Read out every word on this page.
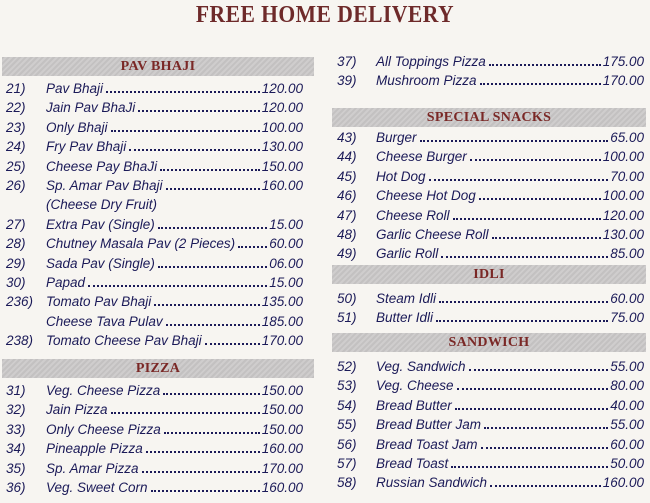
FREE HOME DELIVERY
PAV BHAJI
21)	Pav Bhaji	120.00
22)	Jain Pav BhaJi	120.00
23)	Only Bhaji	100.00
24)	Fry Pav Bhaji	130.00
25)	Cheese Pay BhaJi	150.00
26)	Sp. Amar Pav Bhaji	160.00
(Cheese Dry Fruit)
27)	Extra Pav (Single)	15.00
28)	Chutney Masala Pav (2 Pieces)	60.00
29)	Sada Pav (Single)	06.00
30)	Papad	15.00
236) Tomato Pav Bhaji	135.00
Cheese Tava Pulav	185.00
238) Tomato Cheese Pav Bhaji	170.00
PIZZA
31)	Veg. Cheese Pizza	150.00
32)	Jain Pizza	150.00
33)	Only Cheese Pizza	150.00
34)	Pineapple Pizza	160.00
35)	Sp. Amar Pizza	170.00
36)	Veg. Sweet Corn	160.00
37)	All Toppings Pizza	175.00
39)	Mushroom Pizza	170.00
SPECIAL SNACKS
43)	Burger	65.00
44)	Cheese Burger	100.00
45)	Hot Dog	70.00
46)	Cheese Hot Dog	100.00
47)	Cheese Roll	120.00
48)	Garlic Cheese Roll	130.00
49)	Garlic Roll	85.00
IDLI
50)	Steam Idli	60.00
51)	Butter Idli	75.00
SANDWICH
52)	Veg. Sandwich	55.00
53)	Veg. Cheese	80.00
54)	Bread Butter	40.00
55)	Bread Butter Jam	55.00
56)	Bread Toast Jam	60.00
57)	Bread Toast	50.00
58)	Russian Sandwich	160.00
